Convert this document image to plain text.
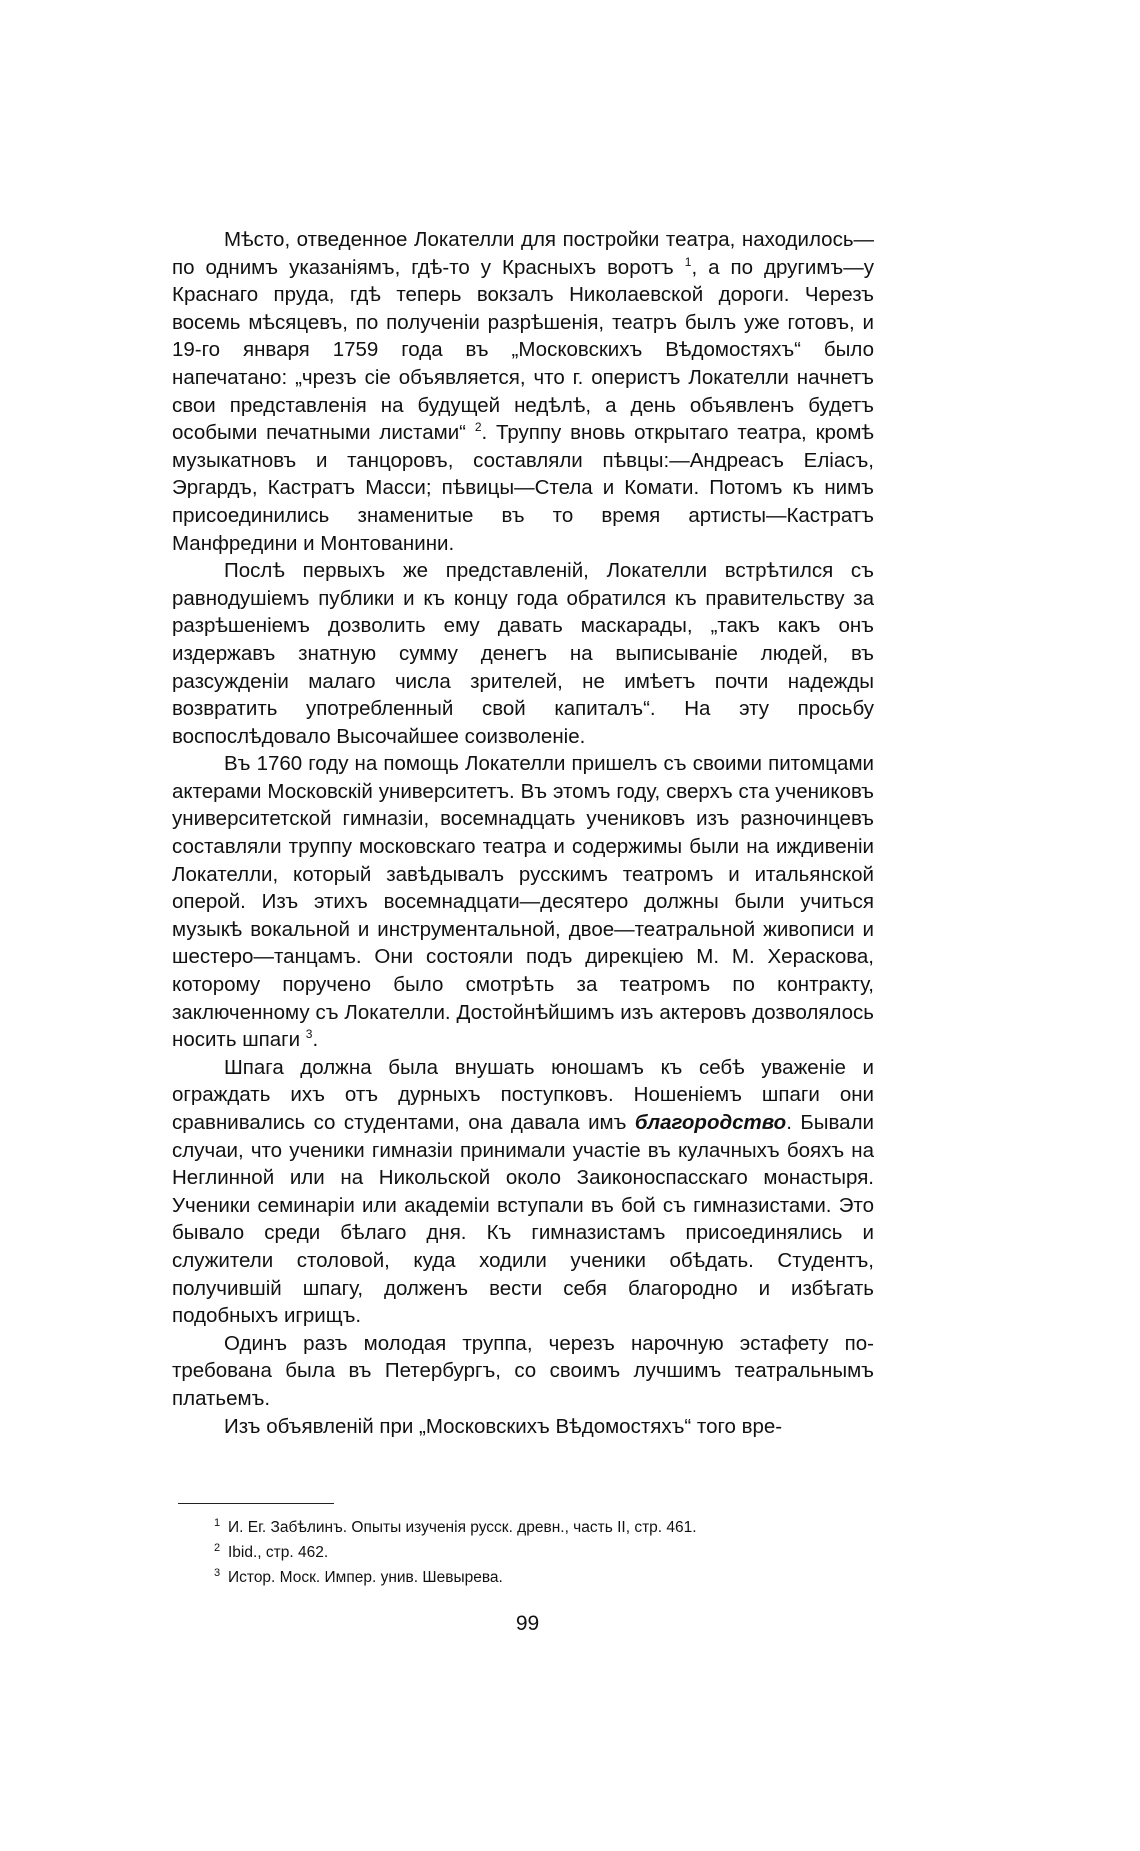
Мѣсто, отведенное Локателли для постройки театра, находилось—по однимъ указаніямъ, гдѣ-то у Красныхъ воротъ $^1$, а по другимъ—у Краснаго пруда, гдѣ теперь вокзалъ Николаевской дороги. Черезъ восемь мѣсяцевъ, по полученіи разрѣшенія, театръ былъ уже готовъ, и 19-го января 1759 года въ „Московскихъ Вѣдомостяхъ“ было напечатано: „чрезъ сіе объявляется, что г. оперистъ Локателли начнетъ свои представленія на будущей недѣлѣ, а день объявленъ будетъ особыми печатными листами“ $^2$. Труппу вновь открытаго театра, кромѣ музыкатновъ и танцоровъ, составляли пѣвцы:—Андреасъ Еліасъ, Эргардъ, Кастратъ Масси; пѣвицы—Стела и Комати. Потомъ къ нимъ присоединились знаменитые въ то время артисты—Кастратъ Манфредини и Монтованини.

Послѣ первыхъ же представленій, Локателли встрѣтился съ равнодушіемъ публики и къ концу года обратился къ правительству за разрѣшеніемъ дозволить ему давать маскарады, „такъ какъ онъ издержавъ знатную сумму денегъ на выписываніе людей, въ разсужденіи малаго числа зрителей, не имѣетъ почти надежды возвратить употребленный свой капиталъ“. На эту просьбу воспослѣдовало Высочайшее соизволеніе.

Въ 1760 году на помощь Локателли пришелъ съ своими питомцами актерами Московскій университетъ. Въ этомъ году, сверхъ ста учениковъ университетской гимназіи, восемнадцать учениковъ изъ разночинцевъ составляли труппу московскаго театра и содержимы были на иждивеніи Локателли, который завѣдывалъ русскимъ театромъ и итальянской оперой. Изъ этихъ восемнадцати—десятеро должны были учиться музыкѣ вокальной и инструментальной, двое—театральной живописи и шестеро—танцамъ. Они состояли подъ дирекціею М. М. Хераскова, которому поручено было смотрѣть за театромъ по контракту, заключенному съ Локателли. Достойнѣйшимъ изъ актеровъ дозволялось носить шпаги $^3$.

Шпага должна была внушать юношамъ къ себѣ уваженіе и ограждать ихъ отъ дурныхъ поступковъ. Ношеніемъ шпаги они сравнивались со студентами, она давала имъ благородство. Бывали случаи, что ученики гимназіи принимали участіе въ кулачныхъ бояхъ на Неглинной или на Никольской около Заиконоспасскаго монастыря. Ученики семинаріи или академіи вступали въ бой съ гимназистами. Это бывало среди бѣлаго дня. Къ гимназистамъ присоединялись и служители столовой, куда ходили ученики обѣдать. Студентъ, получившій шпагу, долженъ вести себя благородно и избѣгать подобныхъ игрищъ.

Одинъ разъ молодая труппа, черезъ нарочную эстафету потребована была въ Петербургъ, со своимъ лучшимъ театральнымъ платьемъ.

Изъ объявленій при „Московскихъ Вѣдомостяхъ“ того вре-

1 И. Ег. Забѣлинъ. Опыты изученія русск. древн., часть II, стр. 461.
2 Ibid., стр. 462.
3 Истор. Моск. Импер. унив. Шевырева.
99
